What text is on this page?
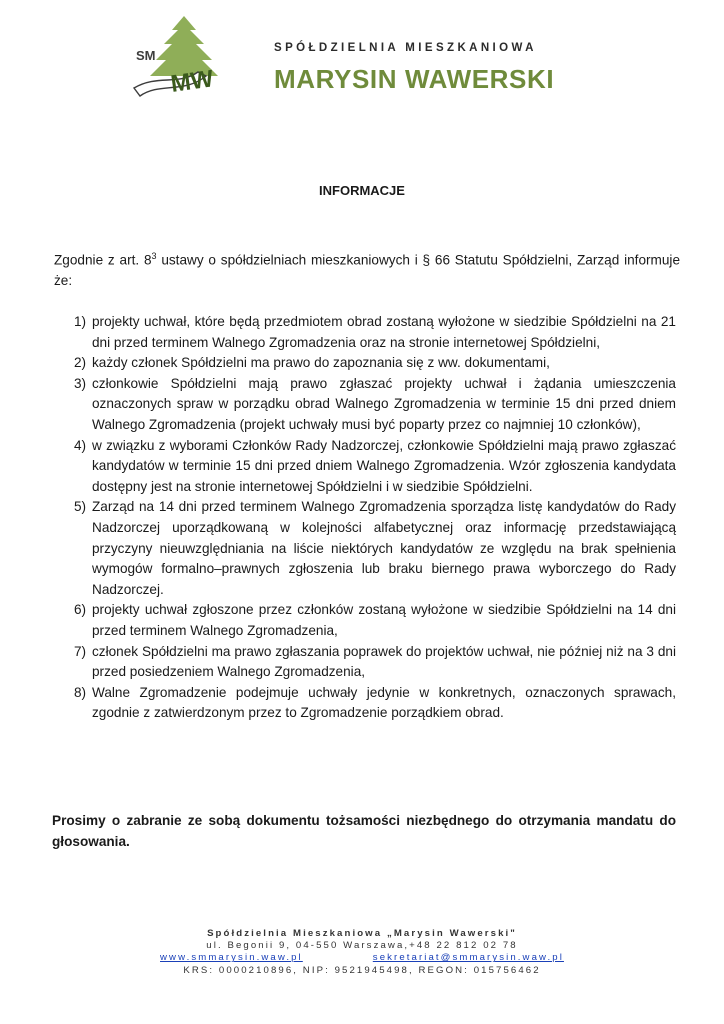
SM
MW
SPÓŁDZIELNIA MIESZKANIOWA
MARYSIN WAWERSKI
INFORMACJE

Zgodnie z art. $8^3$ ustawy o spółdzielniach mieszkaniowych i § 66 Statutu Spółdzielni, Zarząd informuje że:

1) projekty uchwał, które będą przedmiotem obrad zostaną wyłożone w siedzibie Spółdzielni na 21 dni przed terminem Walnego Zgromadzenia oraz na stronie internetowej Spółdzielni,
2) każdy członek Spółdzielni ma prawo do zapoznania się z ww. dokumentami,
3) członkowie Spółdzielni mają prawo zgłaszać projekty uchwał i żądania umieszczenia oznaczonych spraw w porządku obrad Walnego Zgromadzenia w terminie 15 dni przed dniem Walnego Zgromadzenia (projekt uchwały musi być poparty przez co najmniej 10 członków),
4) w związku z wyborami Członków Rady Nadzorczej, członkowie Spółdzielni mają prawo zgłaszać kandydatów w terminie 15 dni przed dniem Walnego Zgromadzenia. Wzór zgłoszenia kandydata dostępny jest na stronie internetowej Spółdzielni i w siedzibie Spółdzielni.
5) Zarząd na 14 dni przed terminem Walnego Zgromadzenia sporządza listę kandydatów do Rady Nadzorczej uporządkowaną w kolejności alfabetycznej oraz informację przedstawiającą przyczyny nieuwzględniania na liście niektórych kandydatów ze względu na brak spełnienia wymogów formalno–prawnych zgłoszenia lub braku biernego prawa wyborczego do Rady Nadzorczej.
6) projekty uchwał zgłoszone przez członków zostaną wyłożone w siedzibie Spółdzielni na 14 dni przed terminem Walnego Zgromadzenia,
7) członek Spółdzielni ma prawo zgłaszania poprawek do projektów uchwał, nie później niż na 3 dni przed posiedzeniem Walnego Zgromadzenia,
8) Walne Zgromadzenie podejmuje uchwały jedynie w konkretnych, oznaczonych sprawach, zgodnie z zatwierdzonym przez to Zgromadzenie porządkiem obrad.

Prosimy o zabranie ze sobą dokumentu tożsamości niezbędnego do otrzymania mandatu do głosowania.

Spółdzielnia Mieszkaniowa „Marysin Wawerski"
ul. Begonii 9, 04-550 Warszawa,+48 22 812 02 78
www.smmarysin.waw.pl	sekretariat@smmarysin.waw.pl
KRS: 0000210896, NIP: 9521945498, REGON: 015756462
